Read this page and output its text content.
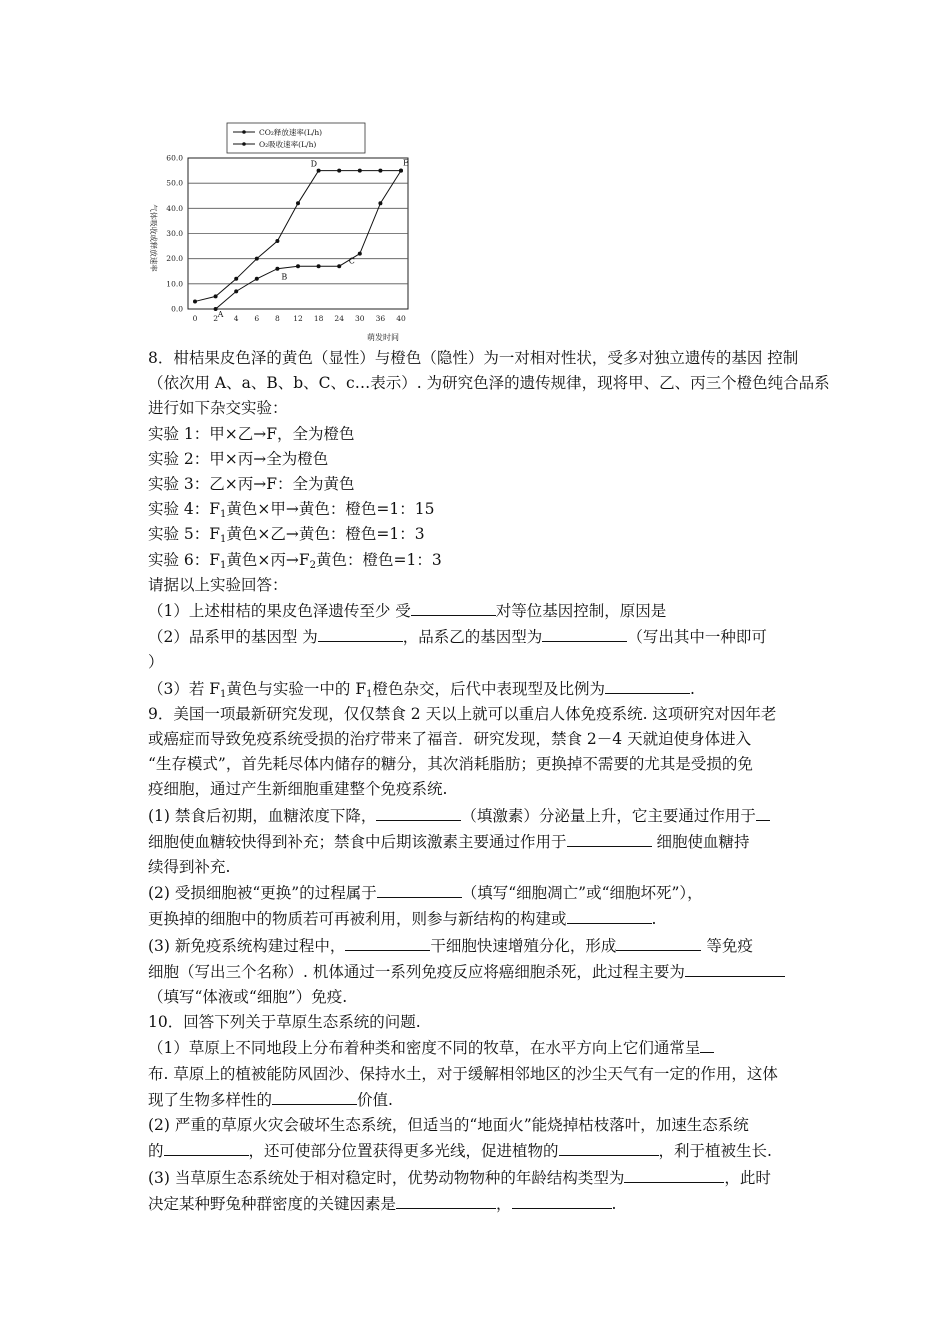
CO₂释放速率(L/h)
O₂吸收速率(L/h)
A
B
C
D	E
0.0
10.0
20.0
30.0
40.0
50.0
60.0
0 2 4 6 8 12 18 24 30 36 40
气体吸收或释放速率
萌发时间
8．柑桔果皮色泽的黄色（显性）与橙色（隐性）为一对相对性状，受多对独立遗传的基因 控制
（依次用 A、a、B、b、C、c…表示）. 为研究色泽的遗传规律，现将甲、乙、丙三个橙色纯合品系
进行如下杂交实验：
实验 1：甲×乙→F，全为橙色
实验 2：甲×丙→全为橙色
实验 3：乙×丙→F：全为黄色
实验 4：$F_1$黄色×甲→黄色：橙色=1：15
实验 5：$F_1$黄色×乙→黄色：橙色=1：3
实验 6：$F_1$黄色×丙$\to F_2$黄色：橙色=1：3
请据以上实验回答：
（1）上述柑桔的果皮色泽遗传至少 受	对等位基因控制，原因是
（2）品系甲的基因型 为	，品系乙的基因型为	（写出其中一种即可
）
（3）若 $F_1$黄色与实验一中的 $F_1$橙色杂交，后代中表现型及比例为	.
9．美国一项最新研究发现，仅仅禁食 2 天以上就可以重启人体免疫系统. 这项研究对因年老
或癌症而导致免疫系统受损的治疗带来了福音．研究发现，禁食 2－4 天就迫使身体进入
“生存模式”，首先耗尽体内储存的糖分，其次消耗脂肪；更换掉不需要的尤其是受损的免
疫细胞，通过产生新细胞重建整个免疫系统.
(1) 禁食后初期，血糖浓度下降，	（填激素）分泌量上升，它主要通过作用于
细胞使血糖较快得到补充；禁食中后期该激素主要通过作用于	细胞使血糖持
续得到补充.
(2) 受损细胞被“更换”的过程属于	（填写“细胞凋亡”或“细胞坏死”），
更换掉的细胞中的物质若可再被利用，则参与新结构的构建或	.
(3) 新免疫系统构建过程中，	干细胞快速增殖分化，形成	等免疫
细胞（写出三个名称）. 机体通过一系列免疫反应将癌细胞杀死，此过程主要为
（填写“体液或“细胞”）免疫.
10．回答下列关于草原生态系统的问题.
（1）草原上不同地段上分布着种类和密度不同的牧草，在水平方向上它们通常呈
布. 草原上的植被能防风固沙、保持水土，对于缓解相邻地区的沙尘天气有一定的作用，这体
现了生物多样性的	价值.
(2) 严重的草原火灾会破坏生态系统，但适当的“地面火”能烧掉枯枝落叶，加速生态系统
的	，还可使部分位置获得更多光线，促进植物的	，利于植被生长.
(3) 当草原生态系统处于相对稳定时，优势动物物种的年龄结构类型为	，此时
决定某种野兔种群密度的关键因素是	，	.
